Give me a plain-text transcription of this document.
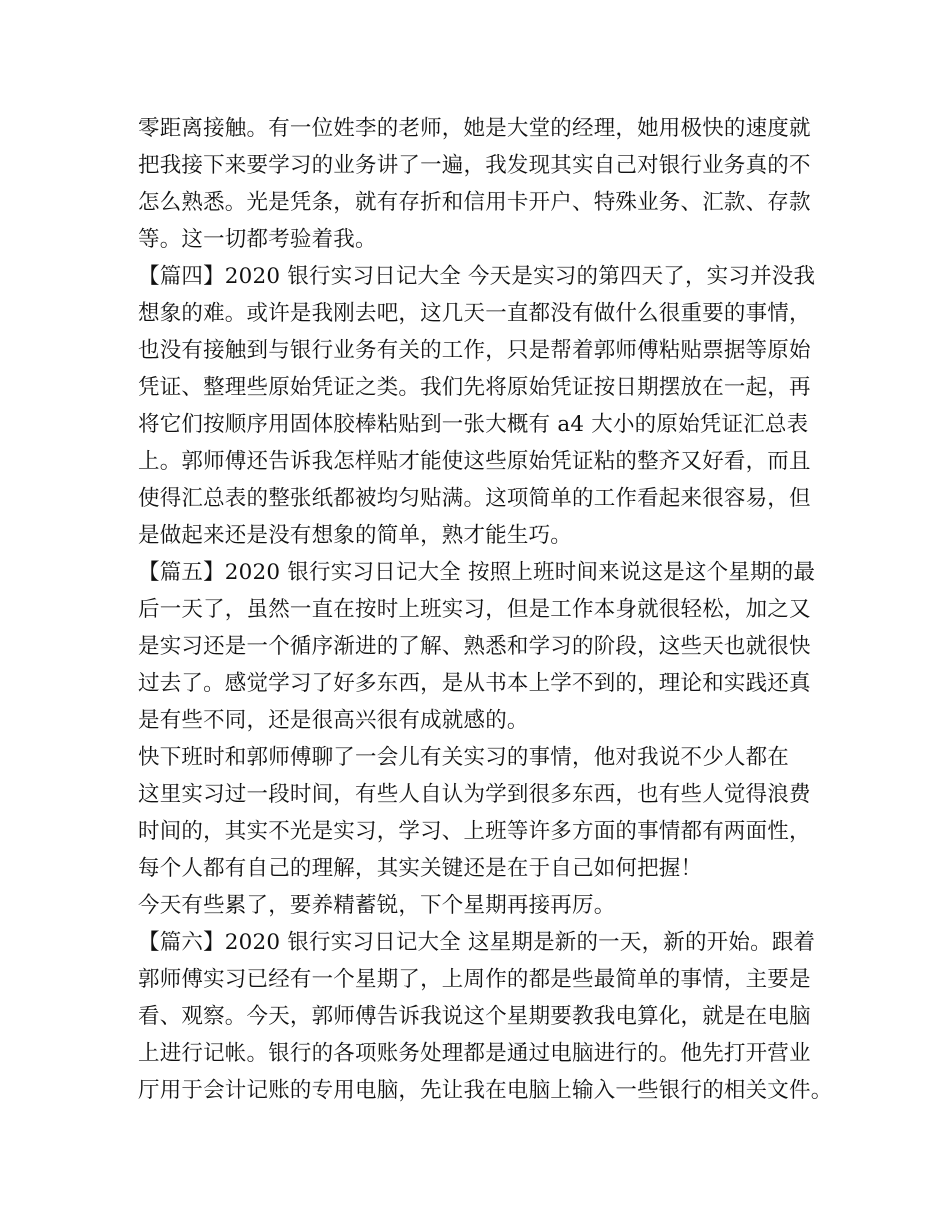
零距离接触。有一位姓李的老师，她是大堂的经理，她用极快的速度就
把我接下来要学习的业务讲了一遍，我发现其实自己对银行业务真的不
怎么熟悉。光是凭条，就有存折和信用卡开户、特殊业务、汇款、存款
等。这一切都考验着我。
【篇四】2020 银行实习日记大全 今天是实习的第四天了，实习并没我
想象的难。或许是我刚去吧，这几天一直都没有做什么很重要的事情，
也没有接触到与银行业务有关的工作，只是帮着郭师傅粘贴票据等原始
凭证、整理些原始凭证之类。我们先将原始凭证按日期摆放在一起，再
将它们按顺序用固体胶棒粘贴到一张大概有 a4 大小的原始凭证汇总表
上。郭师傅还告诉我怎样贴才能使这些原始凭证粘的整齐又好看，而且
使得汇总表的整张纸都被均匀贴满。这项简单的工作看起来很容易，但
是做起来还是没有想象的简单，熟才能生巧。
【篇五】2020 银行实习日记大全 按照上班时间来说这是这个星期的最
后一天了，虽然一直在按时上班实习，但是工作本身就很轻松，加之又
是实习还是一个循序渐进的了解、熟悉和学习的阶段，这些天也就很快
过去了。感觉学习了好多东西，是从书本上学不到的，理论和实践还真
是有些不同，还是很高兴很有成就感的。
快下班时和郭师傅聊了一会儿有关实习的事情，他对我说不少人都在
这里实习过一段时间，有些人自认为学到很多东西，也有些人觉得浪费
时间的，其实不光是实习，学习、上班等许多方面的事情都有两面性，
每个人都有自己的理解，其实关键还是在于自己如何把握！
今天有些累了，要养精蓄锐，下个星期再接再厉。
【篇六】2020 银行实习日记大全 这星期是新的一天，新的开始。跟着
郭师傅实习已经有一个星期了，上周作的都是些最简单的事情，主要是
看、观察。今天，郭师傅告诉我说这个星期要教我电算化，就是在电脑
上进行记帐。银行的各项账务处理都是通过电脑进行的。他先打开营业
厅用于会计记账的专用电脑，先让我在电脑上输入一些银行的相关文件。
